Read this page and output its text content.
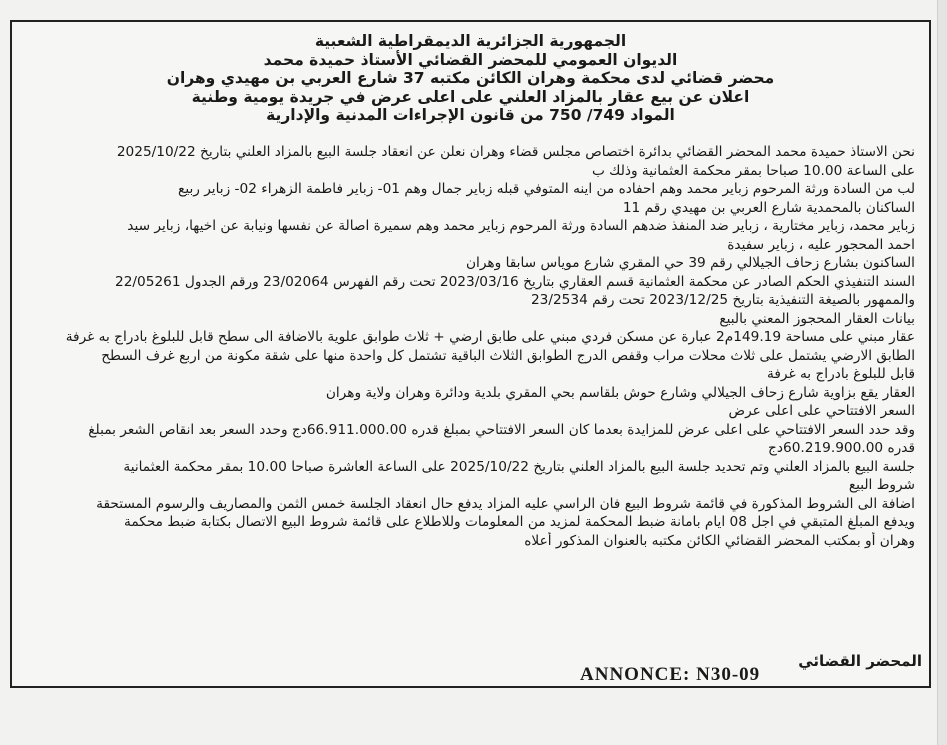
الجمهورية الجزائرية الديمقراطية الشعبية
الديوان العمومي للمحضر القضائي الأستاذ حميدة محمد
محضر قضائي لدى محكمة وهران الكائن مكتبه 37 شارع العربي بن مهيدي وهران
اعلان عن بيع عقار بالمزاد العلني على اعلى عرض في جريدة يومية وطنية
المواد 749/ 750 من قانون الإجراءات المدنية والإدارية
نحن الاستاذ حميدة محمد المحضر القضائي بدائرة اختصاص مجلس قضاء وهران نعلن عن انعقاد جلسة البيع بالمزاد العلني بتاريخ 2025/10/22
على الساعة 10.00 صباحا بمقر محكمة العثمانية وذلك ب
لب من السادة ورثة المرحوم زباير محمد وهم احفاده من اينه المتوفي قبله زباير جمال وهم 01- زباير فاطمة الزهراء 02- زباير ربيع
الساكنان بالمحمدية شارع العربي بن مهيدي رقم 11
زباير محمد، زباير مختارية ، زباير ضد المنفذ ضدهم السادة ورثة المرحوم زباير محمد وهم سميرة اصالة عن نفسها ونيابة عن اخيها، زباير سيد
احمد المحجور عليه ، زباير سفيدة
الساكنون بشارع زحاف الجيلالي رقم 39 حي المقري شارع موياس سابقا وهران
السند التنفيذي الحكم الصادر عن محكمة العثمانية قسم العقاري بتاريخ 2023/03/16 تحت رقم الفهرس 23/02064 ورقم الجدول 22/05261
والممهور بالصيغة التنفيذية بتاريخ 2023/12/25 تحت رقم 23/2534
بيانات العقار المحجوز المعني بالبيع
عقار مبني على مساحة 149.19م2 عبارة عن مسكن فردي مبني على طابق ارضي + ثلاث طوابق علوية بالاضافة الى سطح قابل للبلوغ بادراج به غرفة
الطابق الارضي يشتمل على ثلاث محلات مراب وقفص الدرج الطوابق الثلاث الباقية تشتمل كل واحدة منها على شقة مكونة من اربع غرف السطح
قابل للبلوغ بادراج به غرفة
العقار يقع بزاوية شارع زحاف الجيلالي وشارع حوش بلقاسم بحي المقري بلدية ودائرة وهران ولاية وهران
السعر الافتتاحي على اعلى عرض
وقد حدد السعر الافتتاحي على اعلى عرض للمزايدة بعدما كان السعر الافتتاحي بمبلغ قدره 66.911.000.00دج وحدد السعر بعد انقاص الشعر بمبلغ
قدره 60.219.900.00دج
جلسة البيع بالمزاد العلني وتم تحديد جلسة البيع بالمزاد العلني بتاريخ 2025/10/22 على الساعة العاشرة صباحا 10.00 بمقر محكمة العثمانية
شروط البيع
اضافة الى الشروط المذكورة في قائمة شروط البيع فان الراسي عليه المزاد يدفع حال انعقاد الجلسة خمس الثمن والمصاريف والرسوم المستحقة
ويدفع المبلغ المتبقي في اجل 08 ايام بامانة ضبط المحكمة لمزيد من المعلومات وللاطلاع على قائمة شروط البيع الاتصال بكتابة ضبط محكمة
وهران أو بمكتب المحضر القضائي الكائن مكتبه بالعنوان المذكور أعلاه
المحضر القضائي
ANNONCE: N30-09
